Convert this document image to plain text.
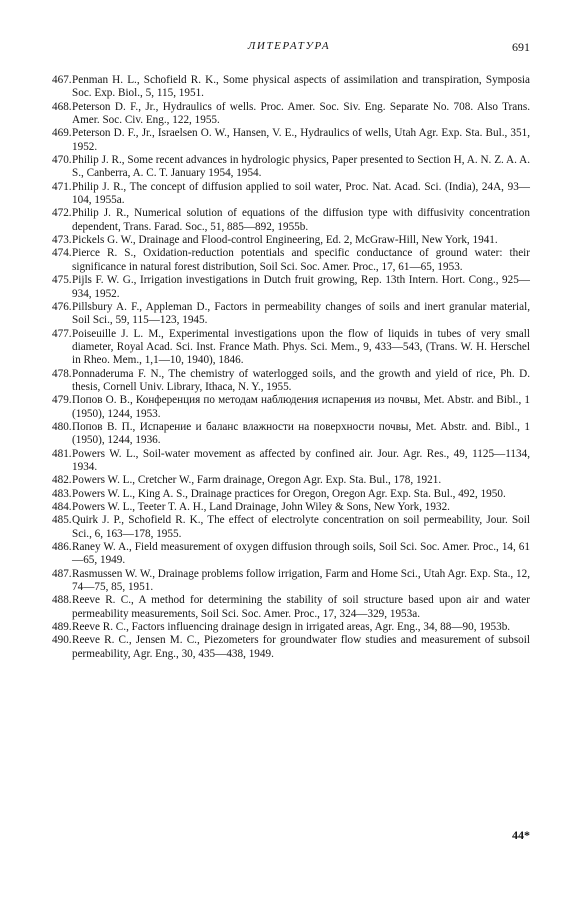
ЛИТЕРАТУРА	691
467. Penman H. L., Schofield R. K., Some physical aspects of assimilation and transpiration, Symposia Soc. Exp. Biol., 5, 115, 1951.
468. Peterson D. F., Jr., Hydraulics of wells. Proc. Amer. Soc. Siv. Eng. Separate No. 708. Also Trans. Amer. Soc. Civ. Eng., 122, 1955.
469. Peterson D. F., Jr., Israelsen O. W., Hansen, V. E., Hydraulics of wells, Utah Agr. Exp. Sta. Bul., 351, 1952.
470. Philip J. R., Some recent advances in hydrologic physics, Paper presented to Section H, A. N. Z. A. A. S., Canberra, A. C. T. January 1954, 1954.
471. Philip J. R., The concept of diffusion applied to soil water, Proc. Nat. Acad. Sci. (India), 24A, 93—104, 1955a.
472. Philip J. R., Numerical solution of equations of the diffusion type with diffusivity concentration dependent, Trans. Farad. Soc., 51, 885—892, 1955b.
473. Pickels G. W., Drainage and Flood-control Engineering, Ed. 2, McGraw-Hill, New York, 1941.
474. Pierce R. S., Oxidation-reduction potentials and specific conductance of ground water: their significance in natural forest distribution, Soil Sci. Soc. Amer. Proc., 17, 61—65, 1953.
475. Pijls F. W. G., Irrigation investigations in Dutch fruit growing, Rep. 13th Intern. Hort. Cong., 925—934, 1952.
476. Pillsbury A. F., Appleman D., Factors in permeability changes of soils and inert granular material, Soil Sci., 59, 115—123, 1945.
477. Poiseuille J. L. M., Experimental investigations upon the flow of liquids in tubes of very small diameter, Royal Acad. Sci. Inst. France Math. Phys. Sci. Mem., 9, 433—543, (Trans. W. H. Herschel in Rheo. Mem., 1,1—10, 1940), 1846.
478. Ponnaderuma F. N., The chemistry of waterlogged soils, and the growth and yield of rice, Ph. D. thesis, Cornell Univ. Library, Ithaca, N. Y., 1955.
479. Попов О. В., Конференция по методам наблюдения испарения из почвы, Met. Abstr. and Bibl., 1 (1950), 1244, 1953.
480. Попов В. П., Испарение и баланс влажности на поверхности почвы, Met. Abstr. and. Bibl., 1 (1950), 1244, 1936.
481. Powers W. L., Soil-water movement as affected by confined air. Jour. Agr. Res., 49, 1125—1134, 1934.
482. Powers W. L., Cretcher W., Farm drainage, Oregon Agr. Exp. Sta. Bul., 178, 1921.
483. Powers W. L., King A. S., Drainage practices for Oregon, Oregon Agr. Exp. Sta. Bul., 492, 1950.
484. Powers W. L., Teeter T. A. H., Land Drainage, John Wiley & Sons, New York, 1932.
485. Quirk J. P., Schofield R. K., The effect of electrolyte concentration on soil permeability, Jour. Soil Sci., 6, 163—178, 1955.
486. Raney W. A., Field measurement of oxygen diffusion through soils, Soil Sci. Soc. Amer. Proc., 14, 61—65, 1949.
487. Rasmussen W. W., Drainage problems follow irrigation, Farm and Home Sci., Utah Agr. Exp. Sta., 12, 74—75, 85, 1951.
488. Reeve R. C., A method for determining the stability of soil structure based upon air and water permeability measurements, Soil Sci. Soc. Amer. Proc., 17, 324—329, 1953a.
489. Reeve R. C., Factors influencing drainage design in irrigated areas, Agr. Eng., 34, 88—90, 1953b.
490. Reeve R. C., Jensen M. C., Piezometers for groundwater flow studies and measurement of subsoil permeability, Agr. Eng., 30, 435—438, 1949.
44*
